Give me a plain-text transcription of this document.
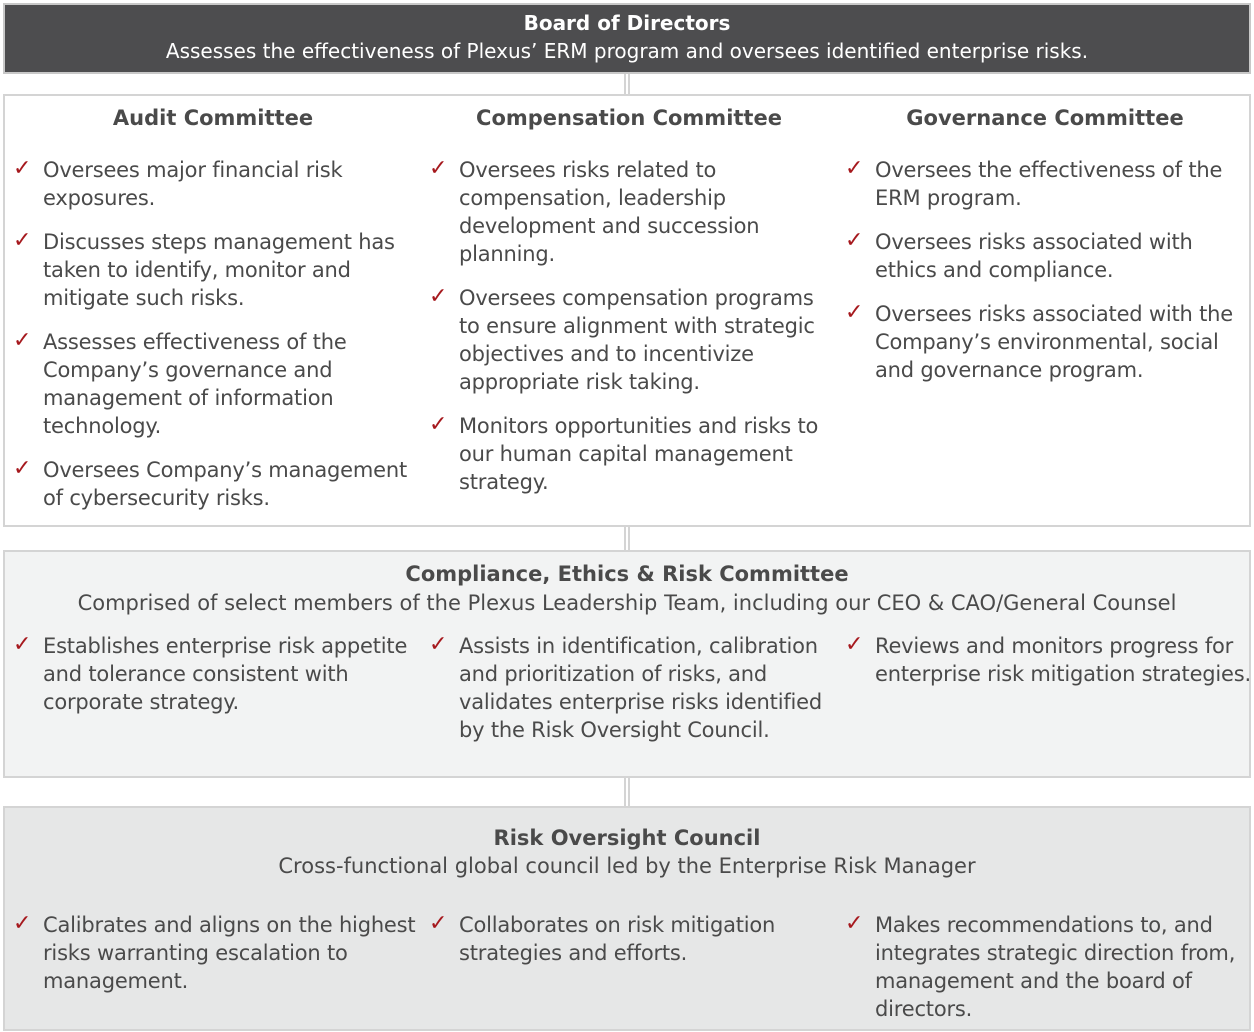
Board of Directors
Assesses the effectiveness of Plexus’ ERM program and oversees identified enterprise risks.
Audit Committee
✓ Oversees major financial risk exposures.
✓ Discusses steps management has taken to identify, monitor and mitigate such risks.
✓ Assesses effectiveness of the Company’s governance and management of information technology.
✓ Oversees Company’s management of cybersecurity risks.
Compensation Committee
✓ Oversees risks related to compensation, leadership development and succession planning.
✓ Oversees compensation programs to ensure alignment with strategic objectives and to incentivize appropriate risk taking.
✓ Monitors opportunities and risks to our human capital management strategy.
Governance Committee
✓ Oversees the effectiveness of the ERM program.
✓ Oversees risks associated with ethics and compliance.
✓ Oversees risks associated with the Company’s environmental, social and governance program.
Compliance, Ethics & Risk Committee
Comprised of select members of the Plexus Leadership Team, including our CEO & CAO/General Counsel
✓ Establishes enterprise risk appetite and tolerance consistent with corporate strategy.
✓ Assists in identification, calibration and prioritization of risks, and validates enterprise risks identified by the Risk Oversight Council.
✓ Reviews and monitors progress for enterprise risk mitigation strategies.
Risk Oversight Council
Cross-functional global council led by the Enterprise Risk Manager
✓ Calibrates and aligns on the highest risks warranting escalation to management.
✓ Collaborates on risk mitigation strategies and efforts.
✓ Makes recommendations to, and integrates strategic direction from, management and the board of directors.
